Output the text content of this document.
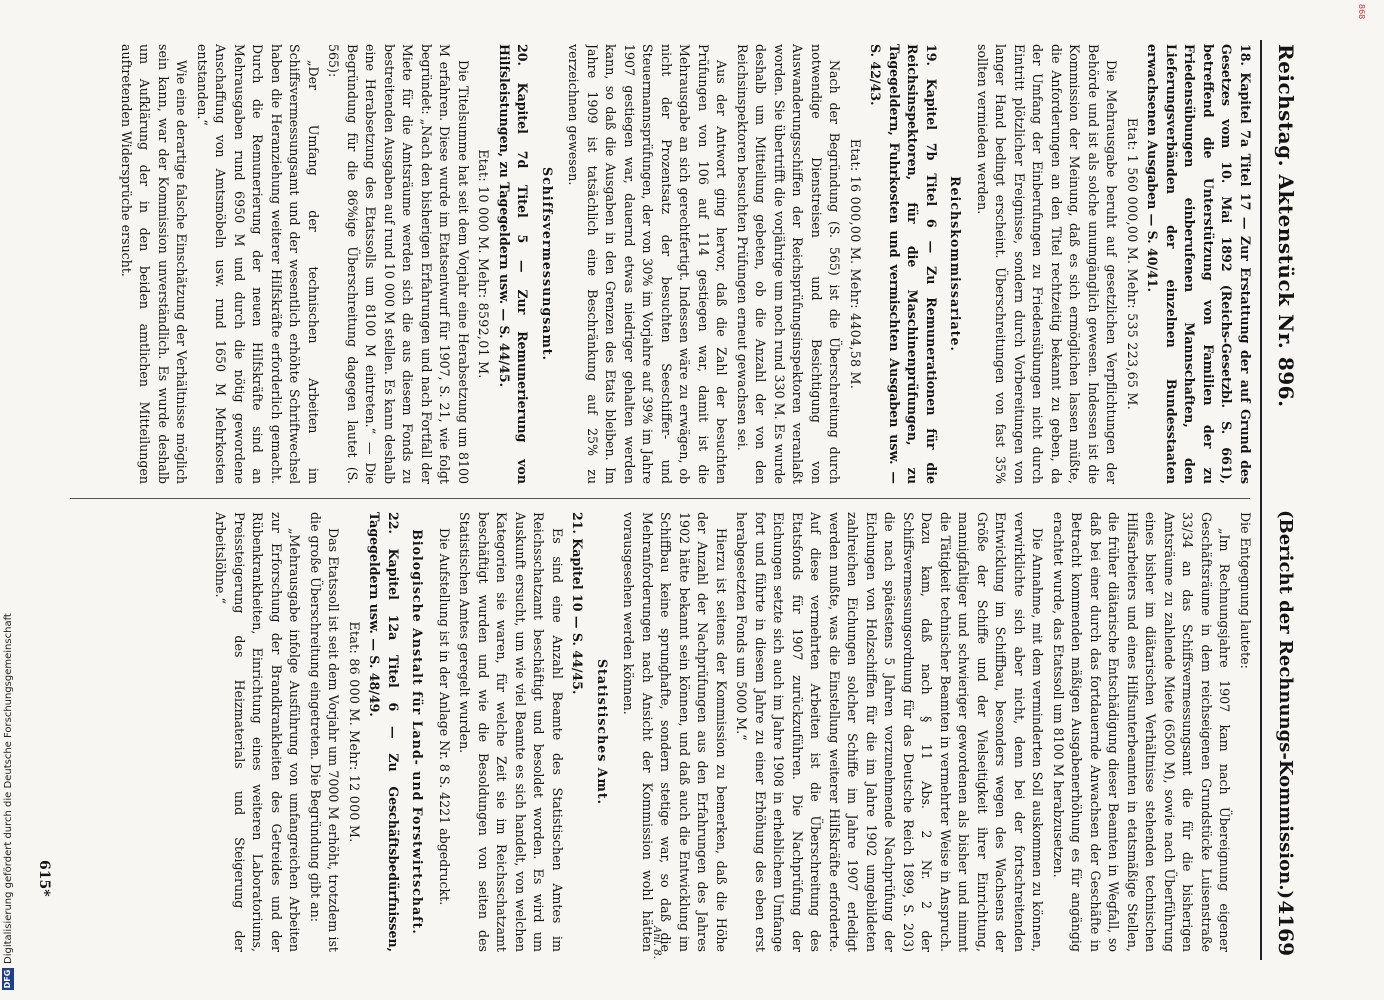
Reichstag. Aktenstück Nr. 896.
4169
(Bericht der Rechnungs-Kommission.)

18. Kapitel 7a Titel 17 — Zur Erstattung der auf Grund des Gesetzes vom 10. Mai 1892 (Reichs-Gesetzbl. S. 661), betreffend die Unterstützung von Familien der zu Friedensübungen einberufenen Mannschaften, den Lieferungsverbänden der einzelnen Bundesstaaten erwachsenen Ausgaben — S. 40/41.

Etat: 1 560 000,00 M. Mehr: 535 223,65 M.

Die Mehrausgabe beruht auf gesetzlichen Verpflichtungen der Behörde und ist als solche unumgänglich gewesen. Indessen ist die Kommission der Meinung, daß es sich ermöglichen lassen müßte, die Anforderungen an den Titel rechtzeitig bekannt zu geben, da der Umfang der Einberufungen zu Friedensübungen nicht durch Eintritt plötzlicher Ereignisse, sondern durch Vorbereitungen von langer Hand bedingt erscheint. Überschreitungen von fast 35% sollten vermieden werden.

Reichskommissariate.

19. Kapitel 7b Titel 6 — Zu Remunerationen für die Reichsinspektoren, für die Maschinenprüfungen, zu Tagegeldern, Fuhrkosten und vermischten Ausgaben usw. — S. 42/43.

Etat: 16 000,00 M. Mehr: 4404,58 M.

Nach der Begründung (S. 565) ist die Überschreitung durch notwendige Dienstreisen und Besichtigung von Auswanderungsschiffen der Reichsprüfungsinspektoren veranlaßt worden. Sie übertrifft die vorjährige um noch rund 330 M. Es wurde deshalb um Mitteilung gebeten, ob die Anzahl der von den Reichsinspektoren besuchten Prüfungen erneut gewachsen sei.

Aus der Antwort ging hervor, daß die Zahl der besuchten Prüfungen von 106 auf 114 gestiegen war, damit ist die Mehrausgabe an sich gerechtfertigt. Indessen wäre zu erwägen, ob nicht der Prozentsatz der besuchten Seeschiffer- und Steuermannsprüfungen, der von 30% im Vorjahre auf 39% im Jahre 1907 gestiegen war, dauernd etwas niedriger gehalten werden kann, so daß die Ausgaben in den Grenzen des Etats bleiben. Im Jahre 1909 ist tatsächlich eine Beschränkung auf 25% zu verzeichnen gewesen.

Schiffsvermessungsamt.

20. Kapitel 7d Titel 5 — Zur Remunerierung von Hilfsleistungen, zu Tagegeldern usw. — S. 44/45.

Etat: 10 000 M. Mehr: 8592,01 M.

Die Titelsumme hat seit dem Vorjahr eine Herabsetzung um 8100 M erfahren. Diese wurde im Etatsentwurf für 1907, S. 21, wie folgt begründet: „Nach den bisherigen Erfahrungen und nach Fortfall der Miete für die Amtsräume werden sich die aus diesem Fonds zu bestreitenden Ausgaben auf rund 10 000 M stellen. Es kann deshalb eine Herabsetzung des Etatssolls um 8100 M eintreten.“ — Die Begründung für die 86%ige Überschreitung dagegen lautet (S. 565):

„Der Umfang der technischen Arbeiten im Schiffsvermessungsamt und der wesentlich erhöhte Schriftwechsel haben die Heranziehung weiterer Hilfskräfte erforderlich gemacht. Durch die Remunerierung der neuen Hilfskräfte sind an Mehrausgaben rund 6950 M und durch die nötig gewordene Anschaffung von Amtsmöbeln usw. rund 1650 M Mehrkosten entstanden.“

Wie eine derartige falsche Einschätzung der Verhältnisse möglich sein kann, war der Kommission unverständlich. Es wurde deshalb um Aufklärung der in den beiden amtlichen Mitteilungen auftretenden Widersprüche ersucht.

Die Entgegnung lautete:

„Im Rechnungsjahre 1907 kam nach Übereignung eigener Geschäftsräume in dem reichseigenen Grundstücke Luisenstraße 33/34 an das Schiffsvermessungsamt die für die bisherigen Amtsräume zu zahlende Miete (6500 M), sowie nach Überführung eines bisher im diätarischen Verhältnisse stehenden technischen Hilfsarbeiters und eines Hilfsunterbeamten in etatsmäßige Stellen, die früher diätarische Entschädigung dieser Beamten in Wegfall, so daß bei einer durch das fortdauernde Anwachsen der Geschäfte in Betracht kommenden mäßigen Ausgabenerhöhung es für angängig erachtet wurde, das Etatssoll um 8100 M herabzusetzen.

Die Annahme, mit dem verminderten Soll auskommen zu können, verwirklichte sich aber nicht, denn bei der fortschreitenden Entwicklung im Schiffbau, besonders wegen des Wachsens der Größe der Schiffe und der Vielseitigkeit ihrer Einrichtung, mannigfaltiger und schwieriger gewordenen als bisher und nimmt die Tätigkeit technischer Beamten in vermehrter Weise in Anspruch. Dazu kam, daß nach § 11 Abs. 2 Nr. 2 der Schiffsvermessungsordnung für das Deutsche Reich 1899, S. 203) die nach spätestens 5 Jahren vorzunehmende Nachprüfung der Eichungen von Holzschiffen für die im Jahre 1902 umgebildeten zahlreichen Eichungen solcher Schiffe im Jahre 1907 erledigt werden mußte, was die Einstellung weiterer Hilfskräfte erforderte. Auf diese vermehrten Arbeiten ist die Überschreitung des Etatsfonds für 1907 zurückzuführen. Die Nachprüfung der Eichungen setzte sich auch im Jahre 1908 in erheblichem Umfange fort und führte in diesem Jahre zu einer Erhöhung des eben erst herabgesetzten Fonds um 5000 M.“

Hierzu ist seitens der Kommission zu bemerken, daß die Höhe der Anzahl der Nachprüfungen aus den Erfahrungen des Jahres 1902 hätte bekannt sein können, und daß auch die Entwicklung im Schiffbau keine sprunghafte, sondern stetige war, so daß die Mehranforderungen nach Ansicht der Kommission wohl hätten vorausgesehen werden können.

Statistisches Amt.

21. Kapitel 10 — S. 44/45.

Es sind eine Anzahl Beamte des Statistischen Amtes im Reichsschatzamt beschäftigt und besoldet worden. Es wird um Auskunft ersucht, um wie viel Beamte es sich handelt, von welchen Kategorien sie waren, für welche Zeit sie im Reichsschatzamt beschäftigt wurden und wie die Besoldungen von seiten des Statistischen Amtes geregelt wurden.

Die Aufstellung ist in der Anlage Nr. 8 S. 4221 abgedruckt.

Biologische Anstalt für Land- und Forstwirtschaft.

22. Kapitel 12a Titel 6 — Zu Geschäftsbedürfnissen, Tagegeldern usw. — S. 48/49.

Etat: 86 000 M. Mehr: 12 000 M.

Das Etatssoll ist seit dem Vorjahr um 7000 M erhöht, trotzdem ist die große Überschreitung eingetreten. Die Begründung gibt an:

„Mehrausgabe infolge Ausführung von umfangreichen Arbeiten zur Erforschung der Brandkrankheiten des Getreides und der Rübenkrankheiten, Einrichtung eines weiteren Laboratoriums, Preissteigerung des Heizmaterials und Steigerung der Arbeitslöhne.“

Anl. 8.
615*
DFG
Digitalisierung gefördert durch die Deutsche Forschungsgemeinschaft
868
